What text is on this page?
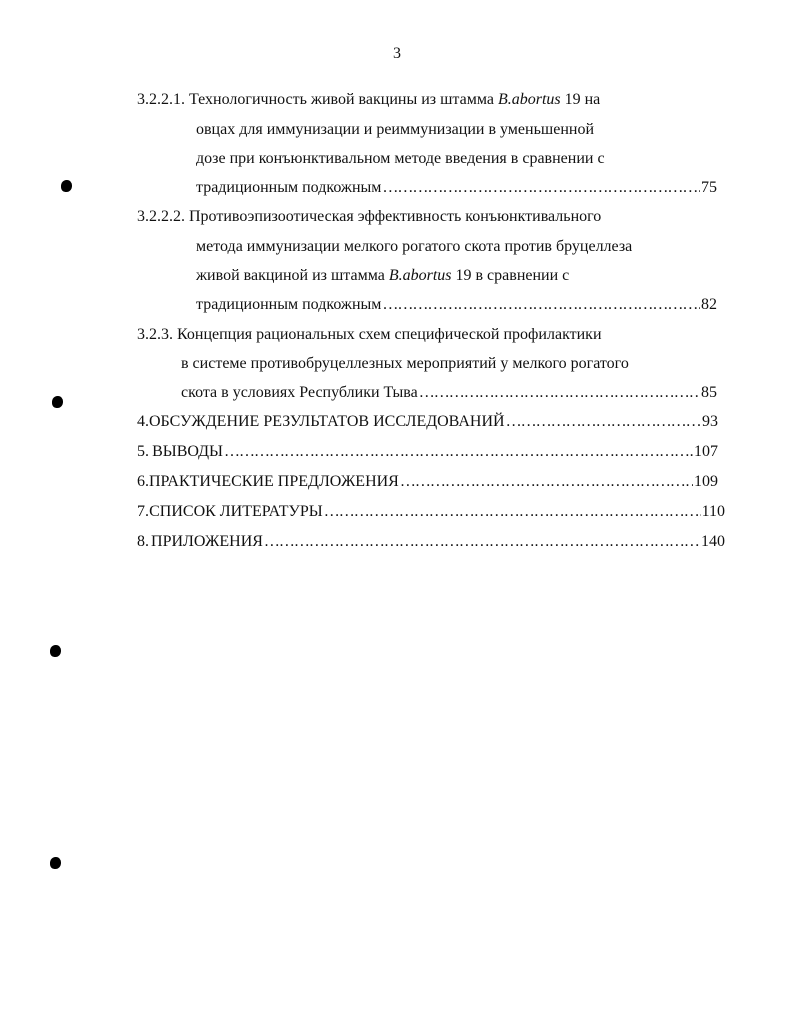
3
3.2.2.1. Технологичность живой вакцины из штамма B.abortus 19 на
овцах для иммунизации и реиммунизации в уменьшенной
дозе при конъюнктивальном методе введения в сравнении с
традиционным подкожным ……………………………………………………………………………………………………………………………………………………	75
3.2.2.2. Противоэпизоотическая эффективность конъюнктивального
метода иммунизации мелкого рогатого скота против бруцеллеза
живой вакциной из штамма B.abortus 19 в сравнении с
традиционным подкожным ……………………………………………………………………………………………………………………………………………………	82
3.2.3. Концепция рациональных схем специфической профилактики
в системе противобруцеллезных мероприятий у мелкого рогатого
скота в условиях Республики Тыва ……………………………………………………………………………………………………………………………………………………	85
4. ОБСУЖДЕНИЕ РЕЗУЛЬТАТОВ ИССЛЕДОВАНИЙ ……………………………………………………………………………………………………………………………………………………	93
5. ВЫВОДЫ ……………………………………………………………………………………………………………………………………………………	107
6. ПРАКТИЧЕСКИЕ ПРЕДЛОЖЕНИЯ ……………………………………………………………………………………………………………………………………………………	109
7. СПИСОК ЛИТЕРАТУРЫ ……………………………………………………………………………………………………………………………………………………	110
8. ПРИЛОЖЕНИЯ ……………………………………………………………………………………………………………………………………………………	140
